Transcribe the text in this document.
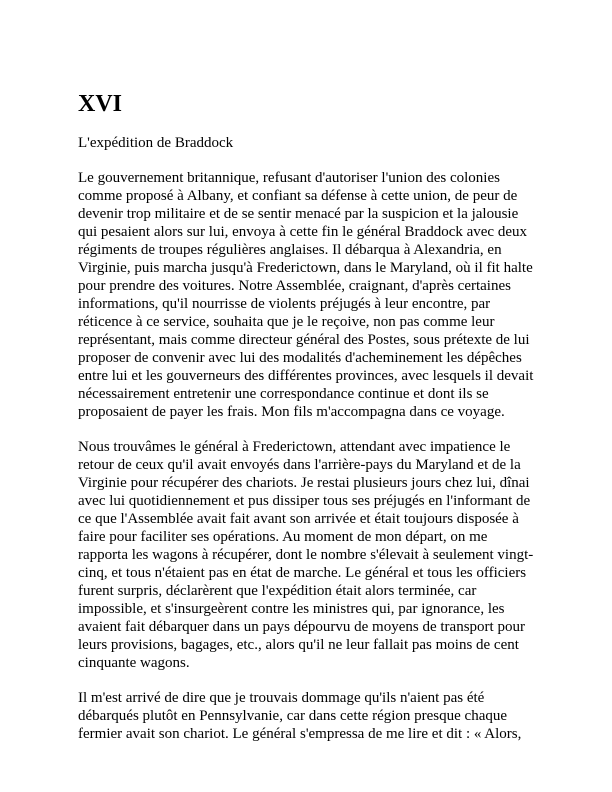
XVI
L'expédition de Braddock

Le gouvernement britannique, refusant d'autoriser l'union des colonies comme proposé à Albany, et confiant sa défense à cette union, de peur de devenir trop militaire et de se sentir menacé par la suspicion et la jalousie qui pesaient alors sur lui, envoya à cette fin le général Braddock avec deux régiments de troupes régulières anglaises. Il débarqua à Alexandria, en Virginie, puis marcha jusqu'à Frederictown, dans le Maryland, où il fit halte pour prendre des voitures. Notre Assemblée, craignant, d'après certaines informations, qu'il nourrisse de violents préjugés à leur encontre, par réticence à ce service, souhaita que je le reçoive, non pas comme leur représentant, mais comme directeur général des Postes, sous prétexte de lui proposer de convenir avec lui des modalités d'acheminement les dépêches entre lui et les gouverneurs des différentes provinces, avec lesquels il devait nécessairement entretenir une correspondance continue et dont ils se proposaient de payer les frais. Mon fils m'accompagna dans ce voyage.

Nous trouvâmes le général à Frederictown, attendant avec impatience le retour de ceux qu'il avait envoyés dans l'arrière-pays du Maryland et de la Virginie pour récupérer des chariots. Je restai plusieurs jours chez lui, dînai avec lui quotidiennement et pus dissiper tous ses préjugés en l'informant de ce que l'Assemblée avait fait avant son arrivée et était toujours disposée à faire pour faciliter ses opérations. Au moment de mon départ, on me rapporta les wagons à récupérer, dont le nombre s'élevait à seulement vingt-cinq, et tous n'étaient pas en état de marche. Le général et tous les officiers furent surpris, déclarèrent que l'expédition était alors terminée, car impossible, et s'insurgeèrent contre les ministres qui, par ignorance, les avaient fait débarquer dans un pays dépourvu de moyens de transport pour leurs provisions, bagages, etc., alors qu'il ne leur fallait pas moins de cent cinquante wagons.

Il m'est arrivé de dire que je trouvais dommage qu'ils n'aient pas été débarqués plutôt en Pennsylvanie, car dans cette région presque chaque fermier avait son chariot. Le général s'empressa de me lire et dit : « Alors,
